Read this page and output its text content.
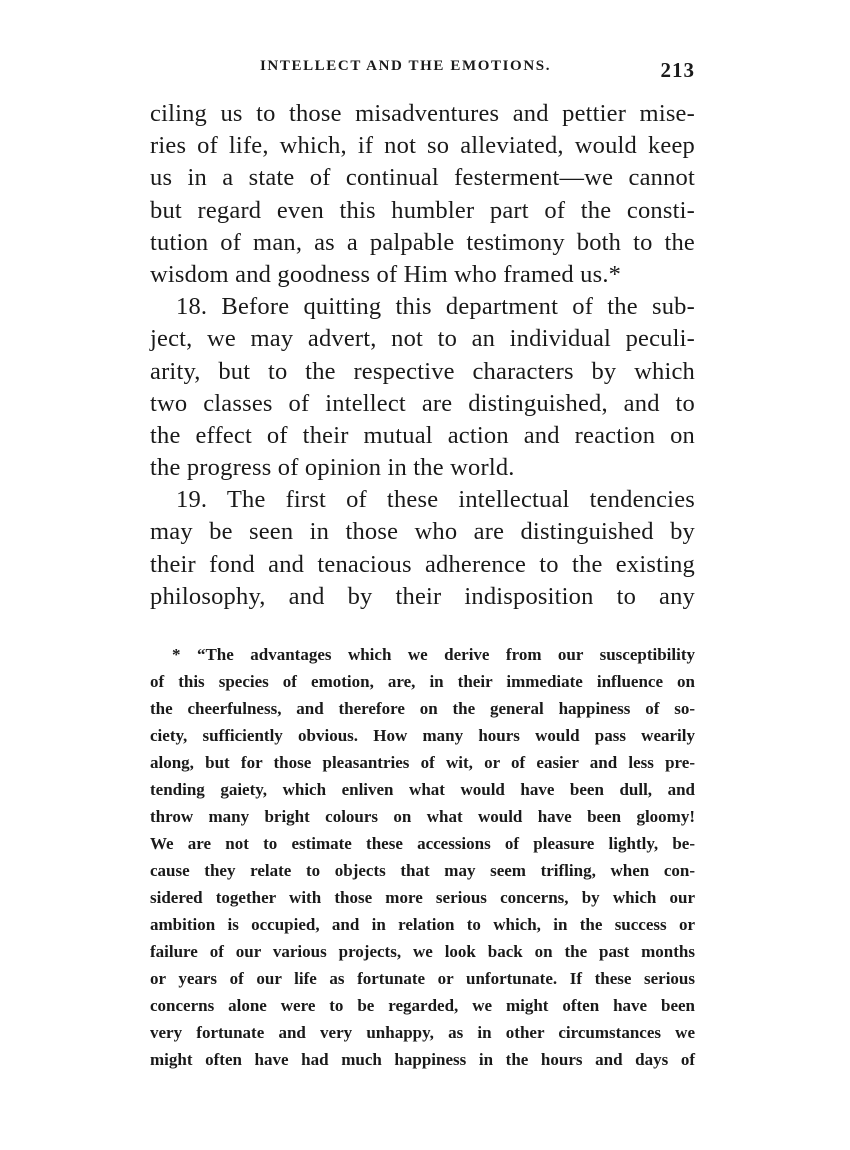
INTELLECT AND THE EMOTIONS.	213
ciling us to those misadventures and pettier mise-
ries of life, which, if not so alleviated, would keep
us in a state of continual festerment—we cannot
but regard even this humbler part of the consti-
tution of man, as a palpable testimony both to the
wisdom and goodness of Him who framed us.*
18. Before quitting this department of the sub-
ject, we may advert, not to an individual peculi-
arity, but to the respective characters by which
two classes of intellect are distinguished, and to
the effect of their mutual action and reaction on
the progress of opinion in the world.
19. The first of these intellectual tendencies
may be seen in those who are distinguished by
their fond and tenacious adherence to the existing
philosophy, and by their indisposition to any
* “The advantages which we derive from our susceptibility
of this species of emotion, are, in their immediate influence on
the cheerfulness, and therefore on the general happiness of so-
ciety, sufficiently obvious. How many hours would pass wearily
along, but for those pleasantries of wit, or of easier and less pre-
tending gaiety, which enliven what would have been dull, and
throw many bright colours on what would have been gloomy!
We are not to estimate these accessions of pleasure lightly, be-
cause they relate to objects that may seem trifling, when con-
sidered together with those more serious concerns, by which our
ambition is occupied, and in relation to which, in the success or
failure of our various projects, we look back on the past months
or years of our life as fortunate or unfortunate. If these serious
concerns alone were to be regarded, we might often have been
very fortunate and very unhappy, as in other circumstances we
might often have had much happiness in the hours and days of
